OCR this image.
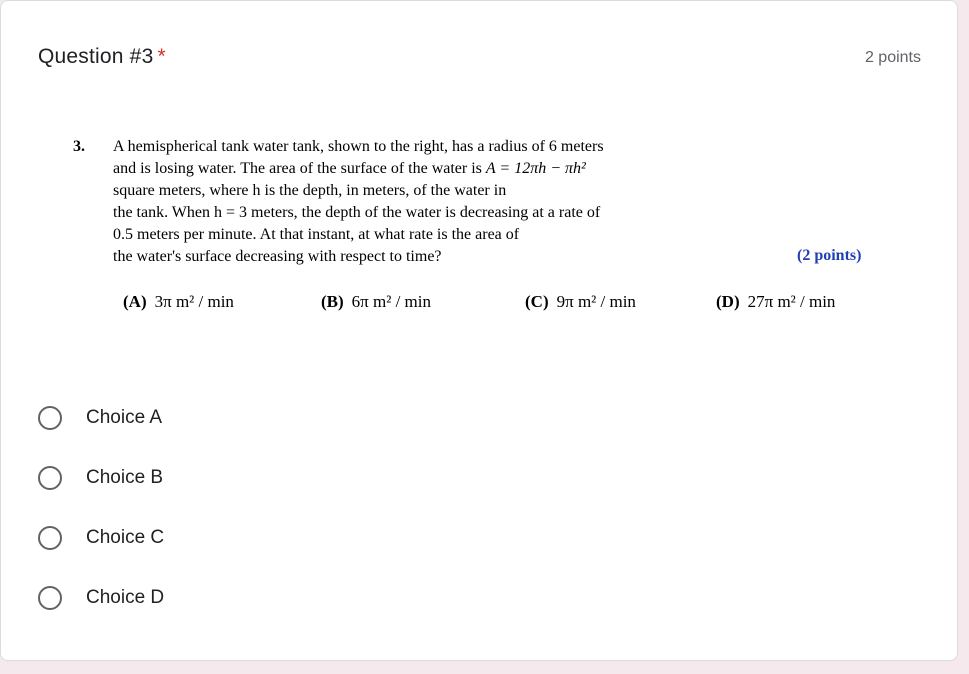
Question #3 *	2 points
3. A hemispherical tank water tank, shown to the right, has a radius of 6 meters
and is losing water. The area of the surface of the water is A = 12πh − πh²
square meters, where h is the depth, in meters, of the water in
the tank. When h = 3 meters, the depth of the water is decreasing at a rate of
0.5 meters per minute. At that instant, at what rate is the area of
the water's surface decreasing with respect to time?	(2 points)
(A) 3π m² / min	(B) 6π m² / min	(C) 9π m² / min	(D) 27π m² / min
Choice A
Choice B
Choice C
Choice D
